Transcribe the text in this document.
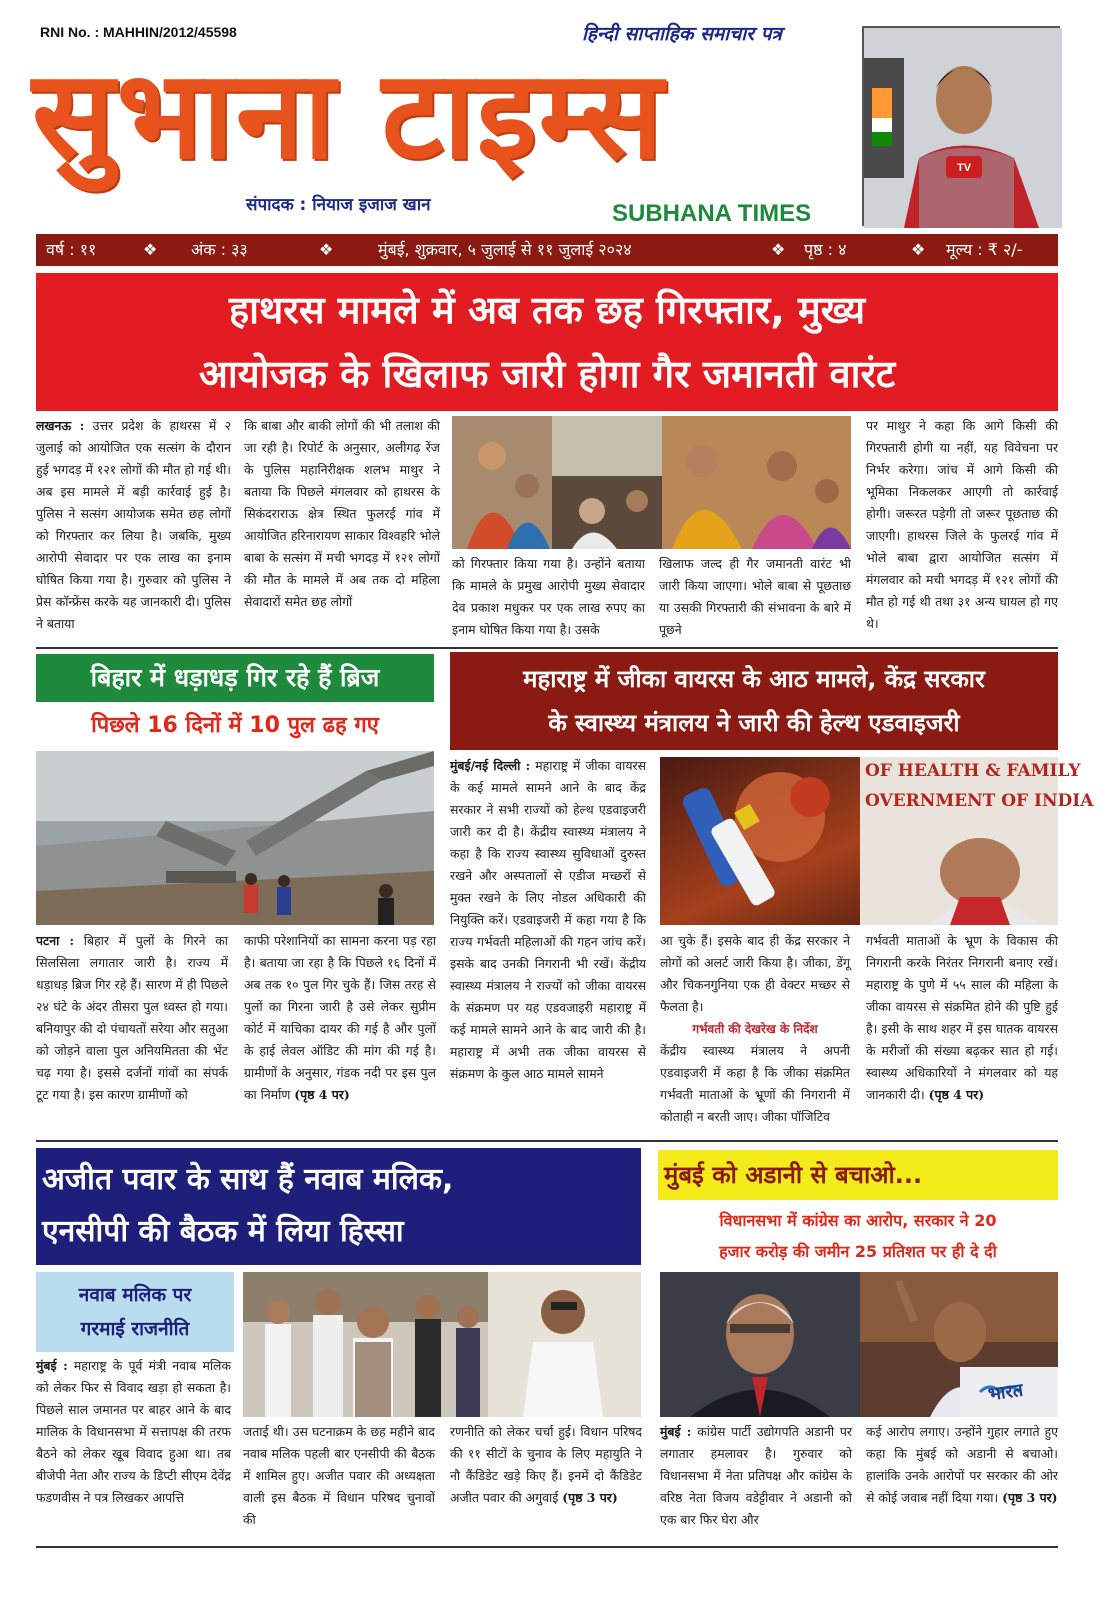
RNI No. : MAHHIN/2012/45598	हिन्दी साप्ताहिक समाचार पत्र
सुभाना टाइम्स
संपादक : नियाज इजाज खान	SUBHANA TIMES
TV
वर्ष : ११	❖ अंक : ३३	❖	मुंबई, शुक्रवार, ५ जुलाई से ११ जुलाई २०२४	❖ पृष्ठ : ४	❖ मूल्य : ₹ २/-
हाथरस मामले में अब तक छह गिरफ्तार, मुख्य
आयोजक के खिलाफ जारी होगा गैर जमानती वारंट
लखनऊ : उत्तर प्रदेश के हाथरस में २ जुलाई को आयोजित एक सत्संग के दौरान हुई भगदड़ में १२१ लोगों की मौत हो गई थी। अब इस मामले में बड़ी कार्रवाई हुई है। पुलिस ने सत्संग आयोजक समेत छह लोगों को गिरफ्तार कर लिया है। जबकि, मुख्य आरोपी सेवादार पर एक लाख का इनाम घोषित किया गया है। गुरुवार को पुलिस ने प्रेस कॉन्फ्रेंस करके यह जानकारी दी। पुलिस ने बताया
कि बाबा और बाकी लोगों की भी तलाश की जा रही है। रिपोर्ट के अनुसार, अलीगढ़ रेंज के पुलिस महानिरीक्षक शलभ माथुर ने बताया कि पिछले मंगलवार को हाथरस के सिकंदराराऊ क्षेत्र स्थित फुलरई गांव में आयोजित हरिनारायण साकार विश्वहरि भोले बाबा के सत्संग में मची भगदड़ में १२१ लोगों की मौत के मामले में अब तक दो महिला सेवादारों समेत छह लोगों
को गिरफ्तार किया गया है। उन्होंने बताया कि मामले के प्रमुख आरोपी मुख्य सेवादार देव प्रकाश मधुकर पर एक लाख रुपए का इनाम घोषित किया गया है। उसके
खिलाफ जल्द ही गैर जमानती वारंट भी जारी किया जाएगा। भोले बाबा से पूछताछ या उसकी गिरफ्तारी की संभावना के बारे में पूछने
पर माथुर ने कहा कि आगे किसी की गिरफ्तारी होगी या नहीं, यह विवेचना पर निर्भर करेगा। जांच में आगे किसी की भूमिका निकलकर आएगी तो कार्रवाई होगी। जरूरत पड़ेगी तो जरूर पूछताछ की जाएगी। हाथरस जिले के फुलरई गांव में भोले बाबा द्वारा आयोजित सत्संग में मंगलवार को मची भगदड़ में १२१ लोगों की मौत हो गई थी तथा ३१ अन्य घायल हो गए थे।
बिहार में धड़ाधड़ गिर रहे हैं ब्रिज
पिछले 16 दिनों में 10 पुल ढह गए
पटना : बिहार में पुलों के गिरने का सिलसिला लगातार जारी है। राज्य में धड़ाधड़ ब्रिज गिर रहे हैं। सारण में ही पिछले २४ घंटे के अंदर तीसरा पुल ध्वस्त हो गया। बनियापुर की दो पंचायतों सरेया और सतुआ को जोड़ने वाला पुल अनियमितता की भेंट चढ़ गया है। इससे दर्जनों गांवों का संपर्क टूट गया है। इस कारण ग्रामीणों को
काफी परेशानियों का सामना करना पड़ रहा है। बताया जा रहा है कि पिछले १६ दिनों में अब तक १० पुल गिर चुके हैं। जिस तरह से पुलों का गिरना जारी है उसे लेकर सुप्रीम कोर्ट में याचिका दायर की गई है और पुलों के हाई लेवल ऑडिट की मांग की गई है। ग्रामीणों के अनुसार, गंडक नदी पर इस पुल का निर्माण (पृष्ठ 4 पर)
महाराष्ट्र में जीका वायरस के आठ मामले, केंद्र सरकार
के स्वास्थ्य मंत्रालय ने जारी की हेल्थ एडवाइजरी
मुंबई/नई दिल्ली : महाराष्ट्र में जीका वायरस के कई मामले सामने आने के बाद केंद्र सरकार ने सभी राज्यों को हेल्थ एडवाइजरी जारी कर दी है। केंद्रीय स्वास्थ्य मंत्रालय ने कहा है कि राज्य स्वास्थ्य सुविधाओं दुरुस्त रखने और अस्पतालों से एडीज मच्छरों से मुक्त रखने के लिए नोडल अधिकारी की नियुक्ति करें। एडवाइजरी में कहा गया है कि राज्य गर्भवती महिलाओं की गहन जांच करें। इसके बाद उनकी निगरानी भी रखें। केंद्रीय स्वास्थ्य मंत्रालय ने राज्यों को जीका वायरस के संक्रमण पर यह एडवजाइरी महाराष्ट्र में कई मामले सामने आने के बाद जारी की है। महाराष्ट्र में अभी तक जीका वायरस से संक्रमण के कुल आठ मामले सामने
OF HEALTH & FAMILY
OVERNMENT OF INDIA
आ चुके हैं। इसके बाद ही केंद्र सरकार ने लोगों को अलर्ट जारी किया है। जीका, डेंगू और चिकनगुनिया एक ही वेक्टर मच्छर से फैलता है।
गर्भवती की देखरेख के निर्देश
केंद्रीय स्वास्थ्य मंत्रालय ने अपनी एडवाइजरी में कहा है कि जीका संक्रमित गर्भवती माताओं के भ्रूणों की निगरानी में कोताही न बरती जाए। जीका पॉजिटिव
गर्भवती माताओं के भ्रूण के विकास की निगरानी करके निरंतर निगरानी बनाए रखें। महाराष्ट्र के पुणे में ५५ साल की महिला के जीका वायरस से संक्रमित होने की पुष्टि हुई है। इसी के साथ शहर में इस घातक वायरस के मरीजों की संख्या बढ़कर सात हो गई। स्वास्थ्य अधिकारियों ने मंगलवार को यह जानकारी दी। (पृष्ठ 4 पर)
अजीत पवार के साथ हैं नवाब मलिक,
एनसीपी की बैठक में लिया हिस्सा
नवाब मलिक पर
गरमाई राजनीति
मुंबई : महाराष्ट्र के पूर्व मंत्री नवाब मलिक को लेकर फिर से विवाद खड़ा हो सकता है। पिछले साल जमानत पर बाहर आने के बाद मालिक के विधानसभा में सत्तापक्ष की तरफ बैठने को लेकर खूब विवाद हुआ था। तब बीजेपी नेता और राज्य के डिप्टी सीएम देवेंद्र फडणवीस ने पत्र लिखकर आपत्ति
जताई थी। उस घटनाक्रम के छह महीने बाद नवाब मलिक पहली बार एनसीपी की बैठक में शामिल हुए। अजीत पवार की अध्यक्षता वाली इस बैठक में विधान परिषद चुनावों की
रणनीति को लेकर चर्चा हुई। विधान परिषद की ११ सीटों के चुनाव के लिए महायुति ने नौ कैंडिडेट खड़े किए हैं। इनमें दो कैंडिडेट अजीत पवार की अगुवाई (पृष्ठ 3 पर)
मुंबई को अडानी से बचाओ...
विधानसभा में कांग्रेस का आरोप, सरकार ने 20
हजार करोड़ की जमीन 25 प्रतिशत पर ही दे दी
भारत
मुंबई : कांग्रेस पार्टी उद्योगपति अडानी पर लगातार हमलावर है। गुरुवार को विधानसभा में नेता प्रतिपक्ष और कांग्रेस के वरिष्ठ नेता विजय वडेट्टीवार ने अडानी को एक बार फिर घेरा और
कई आरोप लगाए। उन्होंने गुहार लगाते हुए कहा कि मुंबई को अडानी से बचाओ। हालांकि उनके आरोपों पर सरकार की ओर से कोई जवाब नहीं दिया गया। (पृष्ठ 3 पर)
